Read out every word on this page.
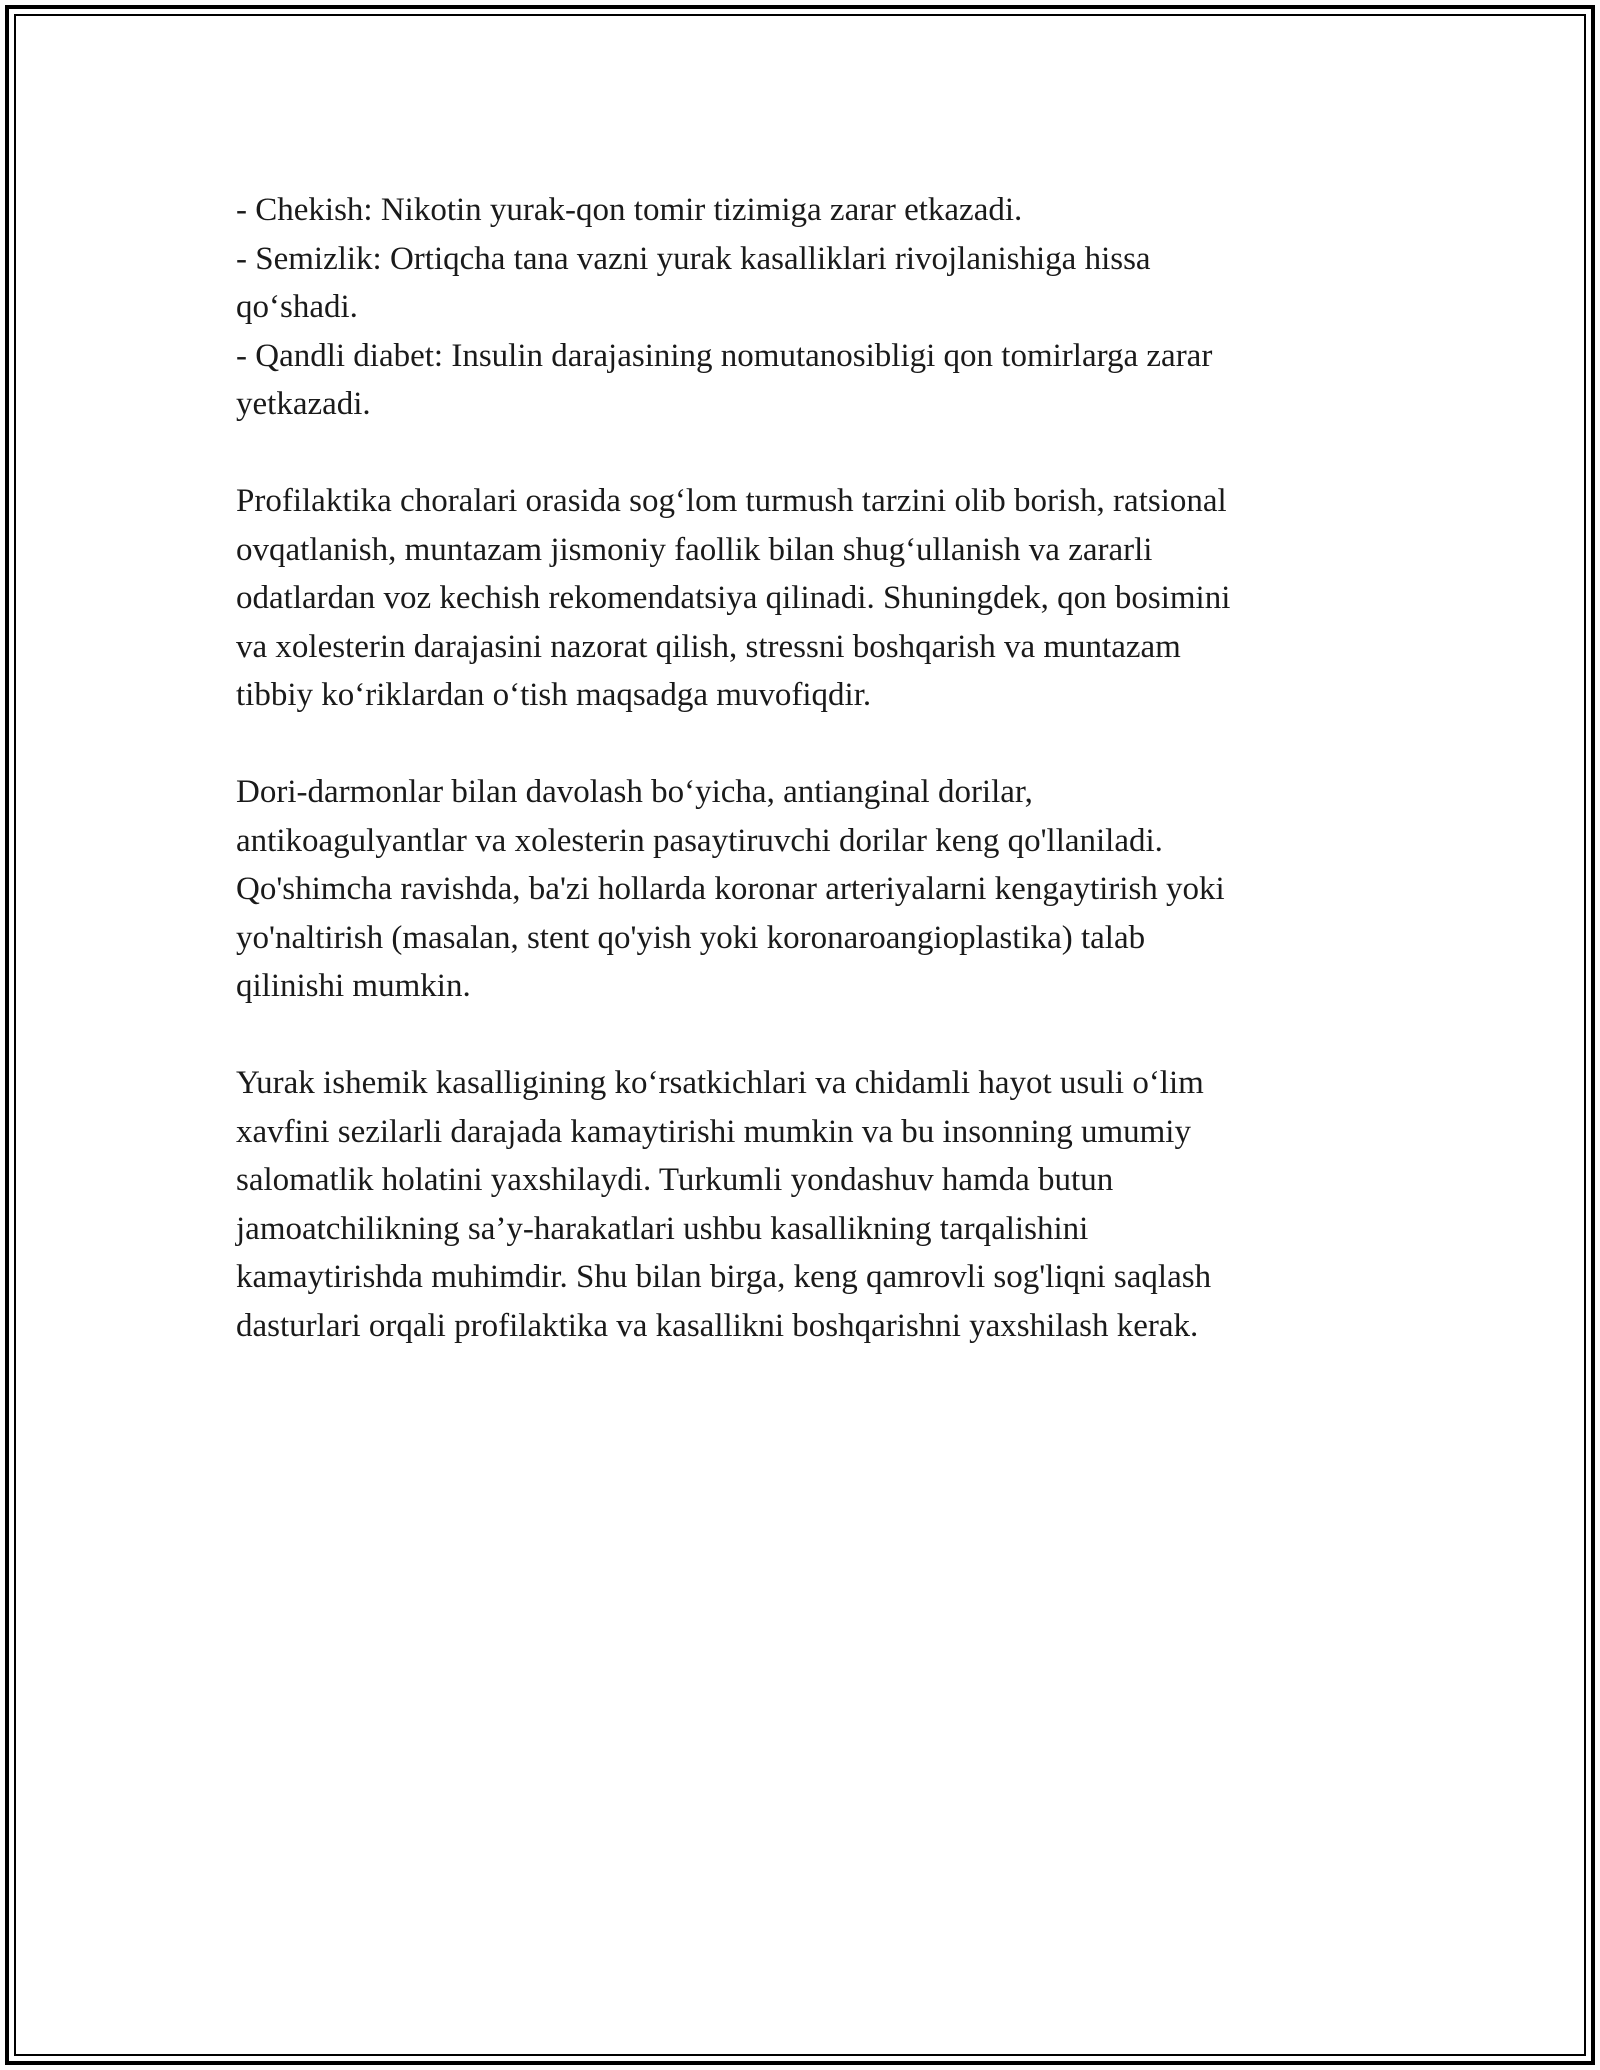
- Chekish: Nikotin yurak-qon tomir tizimiga zarar etkazadi.

- Semizlik: Ortiqcha tana vazni yurak kasalliklari rivojlanishiga hissa
qo‘shadi.

- Qandli diabet: Insulin darajasining nomutanosibligi qon tomirlarga zarar
yetkazadi.

Profilaktika choralari orasida sog‘lom turmush tarzini olib borish, ratsional
ovqatlanish, muntazam jismoniy faollik bilan shug‘ullanish va zararli
odatlardan voz kechish rekomendatsiya qilinadi. Shuningdek, qon bosimini
va xolesterin darajasini nazorat qilish, stressni boshqarish va muntazam
tibbiy ko‘riklardan o‘tish maqsadga muvofiqdir.

Dori-darmonlar bilan davolash bo‘yicha, antianginal dorilar,
antikoagulyantlar va xolesterin pasaytiruvchi dorilar keng qo'llaniladi.
Qo'shimcha ravishda, ba'zi hollarda koronar arteriyalarni kengaytirish yoki
yo'naltirish (masalan, stent qo'yish yoki koronaroangioplastika) talab
qilinishi mumkin.

Yurak ishemik kasalligining ko‘rsatkichlari va chidamli hayot usuli o‘lim
xavfini sezilarli darajada kamaytirishi mumkin va bu insonning umumiy
salomatlik holatini yaxshilaydi. Turkumli yondashuv hamda butun
jamoatchilikning sa’y-harakatlari ushbu kasallikning tarqalishini
kamaytirishda muhimdir. Shu bilan birga, keng qamrovli sog'liqni saqlash
dasturlari orqali profilaktika va kasallikni boshqarishni yaxshilash kerak.
